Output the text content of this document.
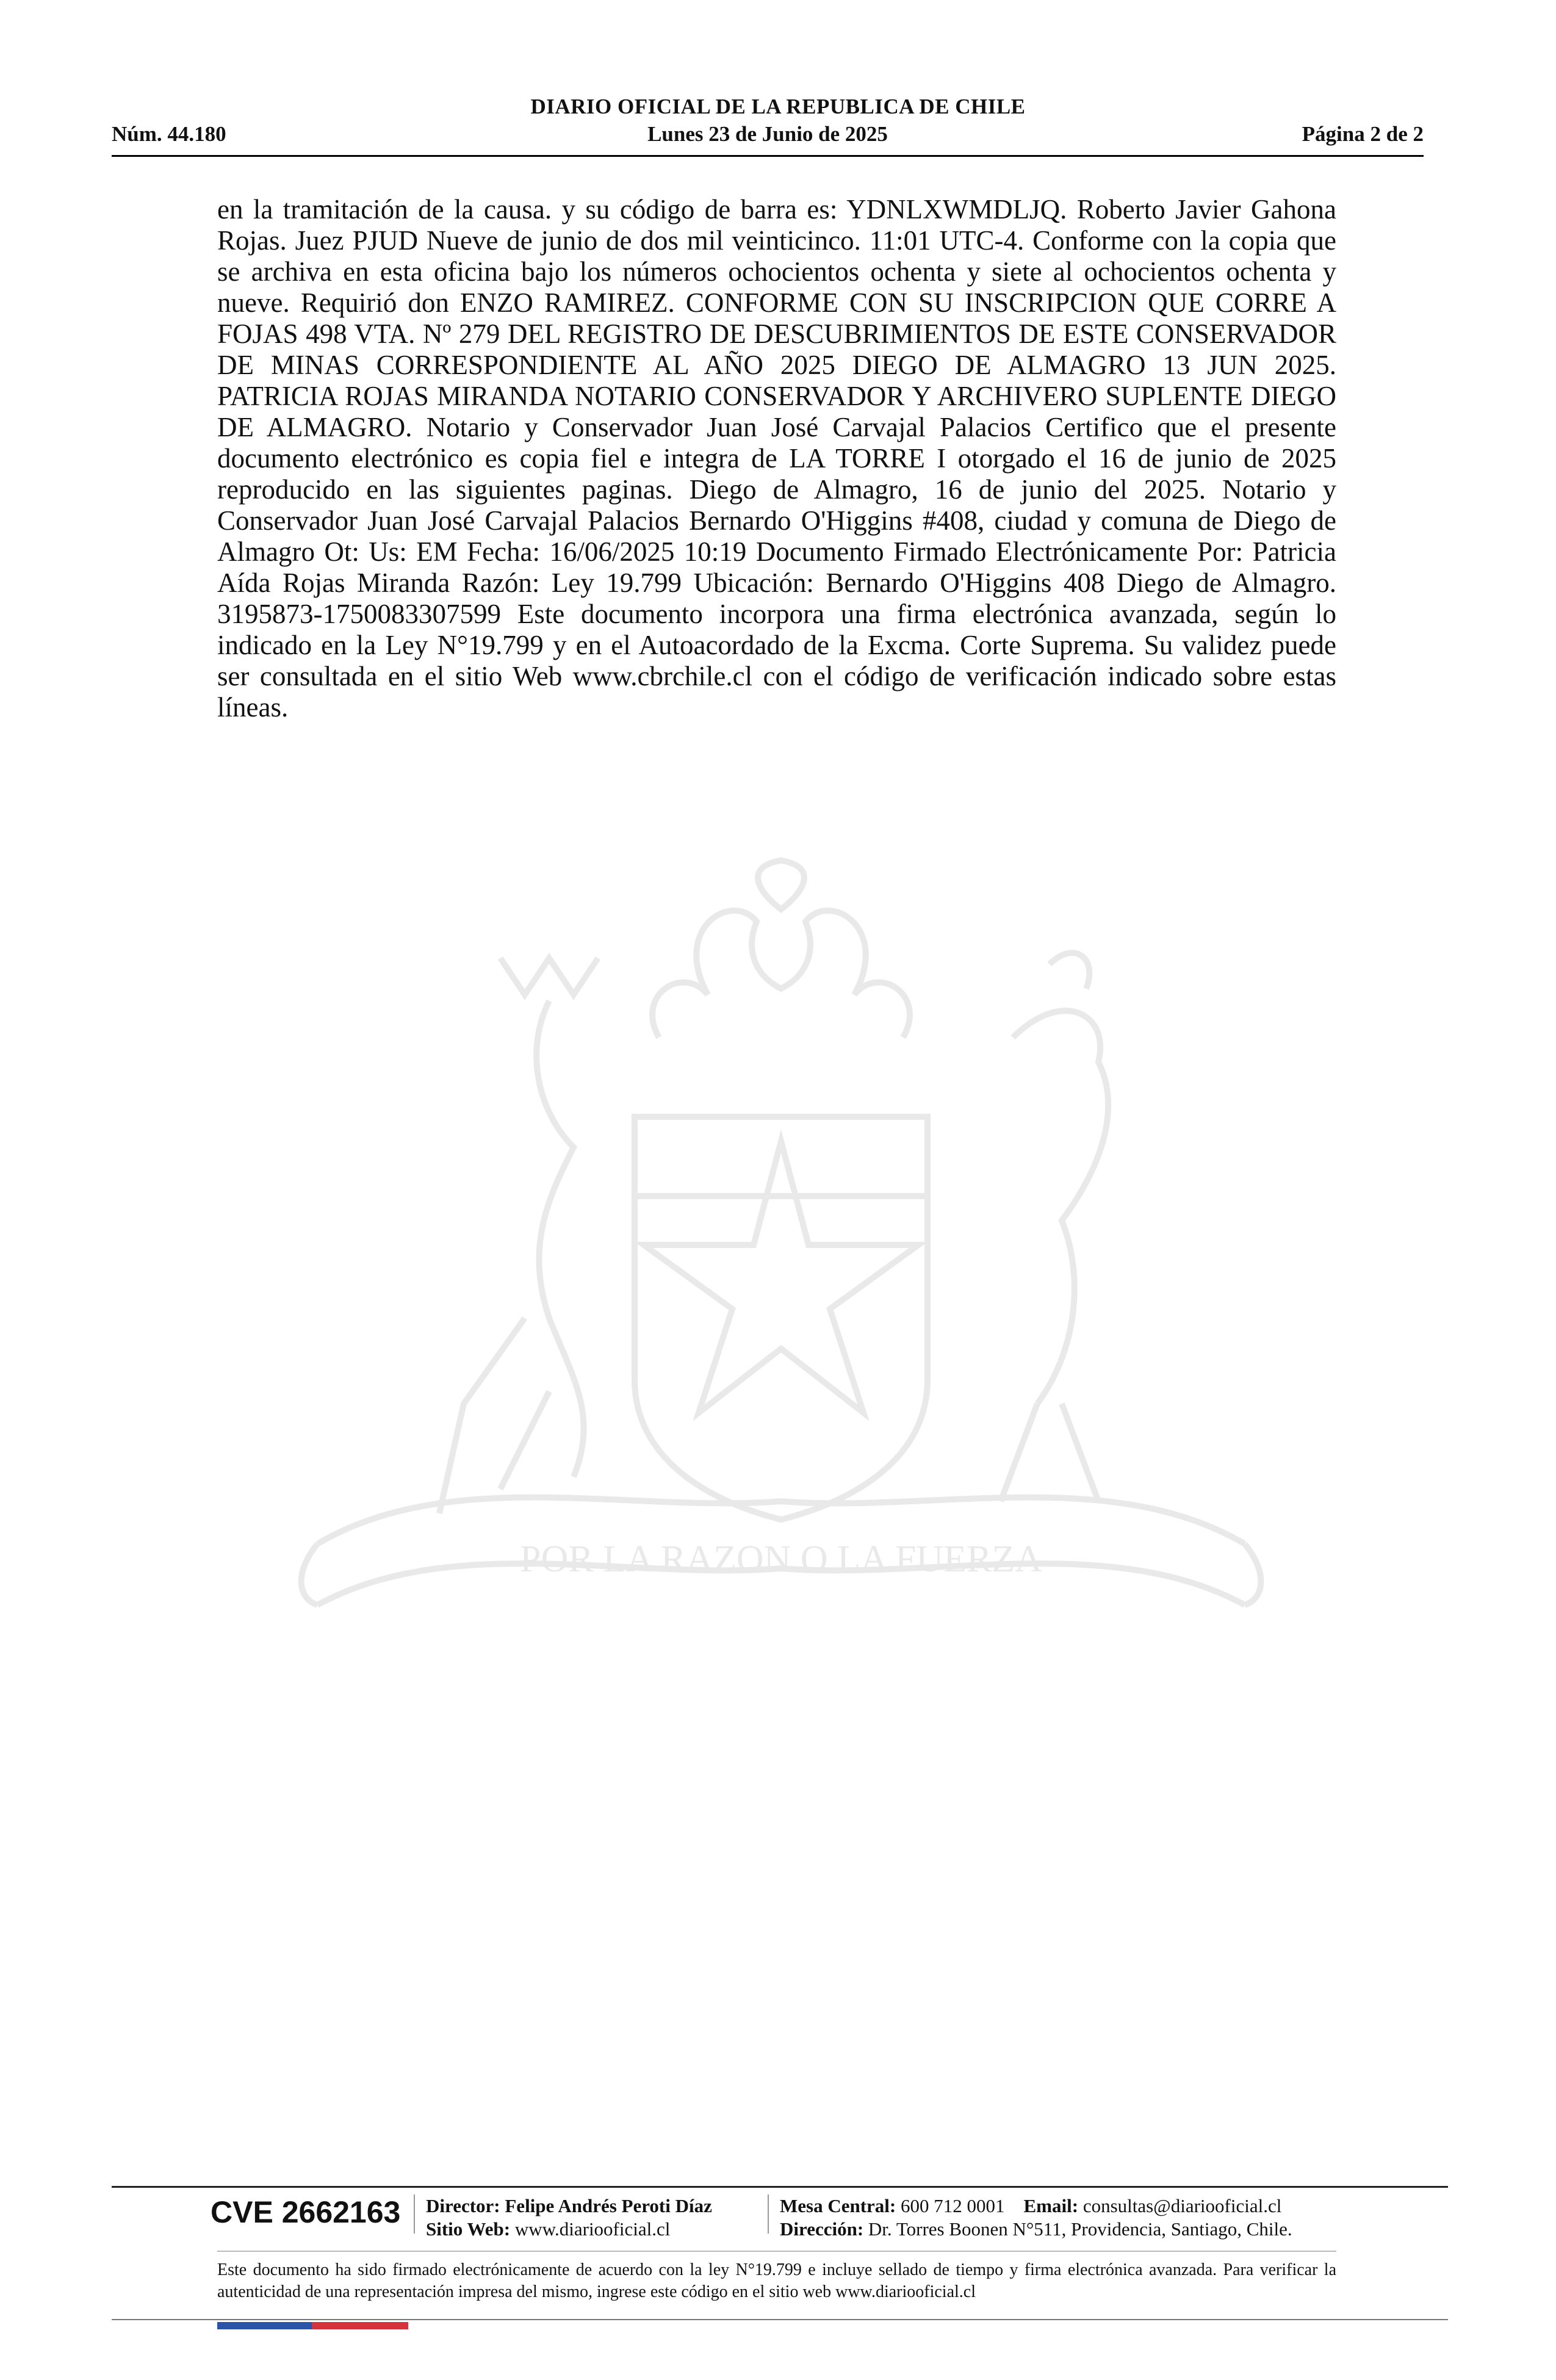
DIARIO OFICIAL DE LA REPUBLICA DE CHILE
Núm. 44.180	Lunes 23 de Junio de 2025	Página 2 de 2

en la tramitación de la causa. y su código de barra es: YDNLXWMDLJQ. Roberto Javier Gahona Rojas. Juez PJUD Nueve de junio de dos mil veinticinco. 11:01 UTC-4. Conforme con la copia que se archiva en esta oficina bajo los números ochocientos ochenta y siete al ochocientos ochenta y nueve. Requirió don ENZO RAMIREZ. CONFORME CON SU INSCRIPCION QUE CORRE A FOJAS 498 VTA. Nº 279 DEL REGISTRO DE DESCUBRIMIENTOS DE ESTE CONSERVADOR DE MINAS CORRESPONDIENTE AL AÑO 2025 DIEGO DE ALMAGRO 13 JUN 2025. PATRICIA ROJAS MIRANDA NOTARIO CONSERVADOR Y ARCHIVERO SUPLENTE DIEGO DE ALMAGRO. Notario y Conservador Juan José Carvajal Palacios Certifico que el presente documento electrónico es copia fiel e integra de LA TORRE I otorgado el 16 de junio de 2025 reproducido en las siguientes paginas. Diego de Almagro, 16 de junio del 2025. Notario y Conservador Juan José Carvajal Palacios Bernardo O'Higgins #408, ciudad y comuna de Diego de Almagro Ot: Us: EM Fecha: 16/06/2025 10:19 Documento Firmado Electrónicamente Por: Patricia Aída Rojas Miranda Razón: Ley 19.799 Ubicación: Bernardo O'Higgins 408 Diego de Almagro. 3195873-1750083307599 Este documento incorpora una firma electrónica avanzada, según lo indicado en la Ley N°19.799 y en el Autoacordado de la Excma. Corte Suprema. Su validez puede ser consultada en el sitio Web www.cbrchile.cl con el código de verificación indicado sobre estas líneas.

POR LA RAZON O LA FUERZA
CVE 2662163 Director: Felipe Andrés Peroti Díaz
Sitio Web: www.diariooficial.cl
Mesa Central: 600 712 0001 Email: consultas@diariooficial.cl
Dirección: Dr. Torres Boonen N°511, Providencia, Santiago, Chile.

Este documento ha sido firmado electrónicamente de acuerdo con la ley N°19.799 e incluye sellado de tiempo y firma electrónica avanzada. Para verificar la autenticidad de una representación impresa del mismo, ingrese este código en el sitio web www.diariooficial.cl
